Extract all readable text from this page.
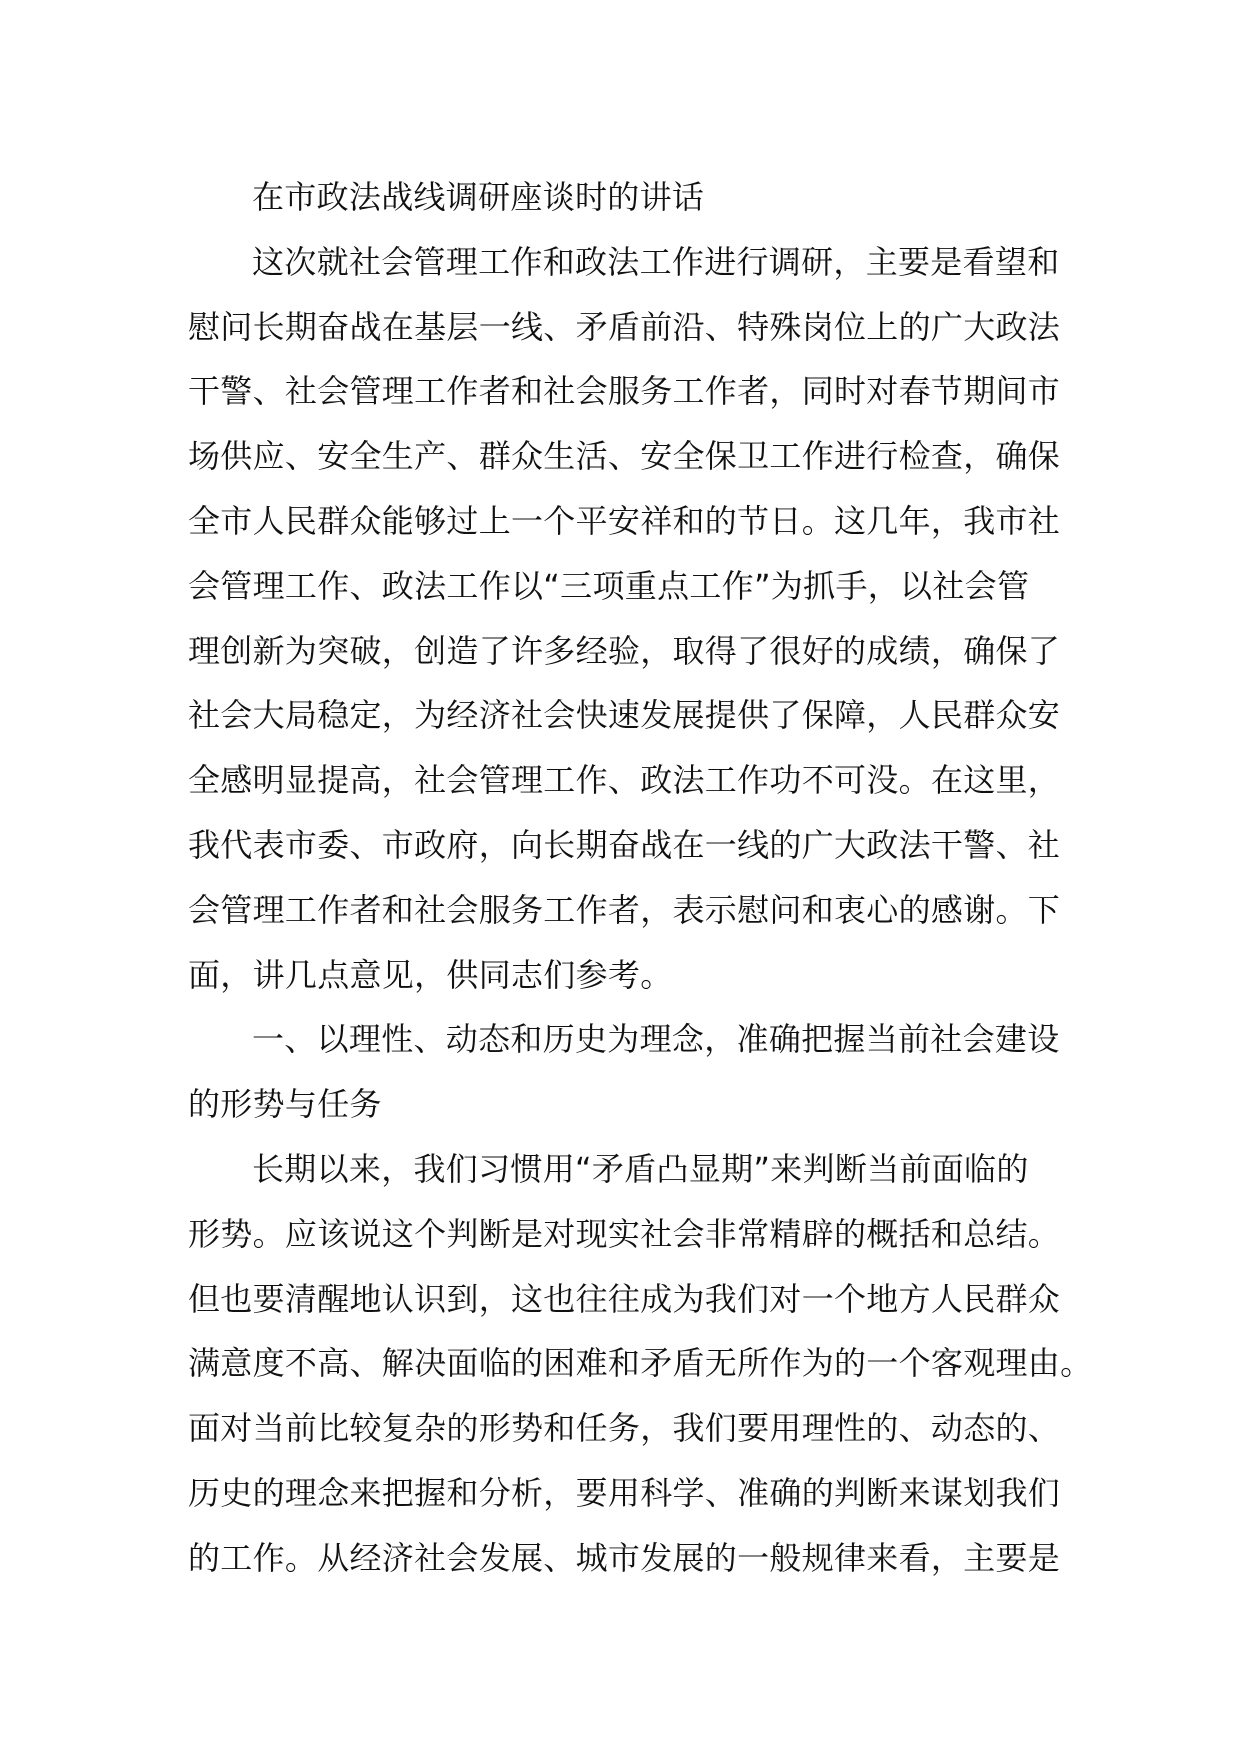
在市政法战线调研座谈时的讲话
这次就社会管理工作和政法工作进行调研，主要是看望和
慰问长期奋战在基层一线、矛盾前沿、特殊岗位上的广大政法
干警、社会管理工作者和社会服务工作者，同时对春节期间市
场供应、安全生产、群众生活、安全保卫工作进行检查，确保
全市人民群众能够过上一个平安祥和的节日。这几年，我市社
会管理工作、政法工作以“三项重点工作”为抓手，以社会管
理创新为突破，创造了许多经验，取得了很好的成绩，确保了
社会大局稳定，为经济社会快速发展提供了保障，人民群众安
全感明显提高，社会管理工作、政法工作功不可没。在这里，
我代表市委、市政府，向长期奋战在一线的广大政法干警、社
会管理工作者和社会服务工作者，表示慰问和衷心的感谢。下
面，讲几点意见，供同志们参考。
一、以理性、动态和历史为理念，准确把握当前社会建设
的形势与任务
长期以来，我们习惯用“矛盾凸显期”来判断当前面临的
形势。应该说这个判断是对现实社会非常精辟的概括和总结。
但也要清醒地认识到，这也往往成为我们对一个地方人民群众
满意度不高、解决面临的困难和矛盾无所作为的一个客观理由。
面对当前比较复杂的形势和任务，我们要用理性的、动态的、
历史的理念来把握和分析，要用科学、准确的判断来谋划我们
的工作。从经济社会发展、城市发展的一般规律来看，主要是
